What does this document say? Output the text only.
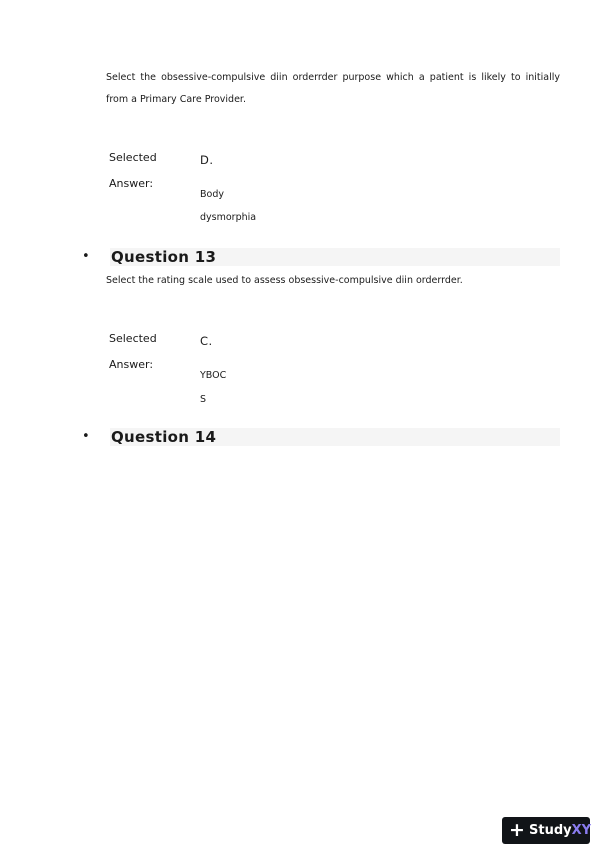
Select the obsessive-compulsive diin orderrder purpose which a patient is likely to initially from a Primary Care Provider.

Selected
Answer:
D.
Body
dysmorphia
• Question 13

Select the rating scale used to assess obsessive-compulsive diin orderrder.

Selected
Answer:
C.
YBOC
S
• Question 14
+ StudyXY
